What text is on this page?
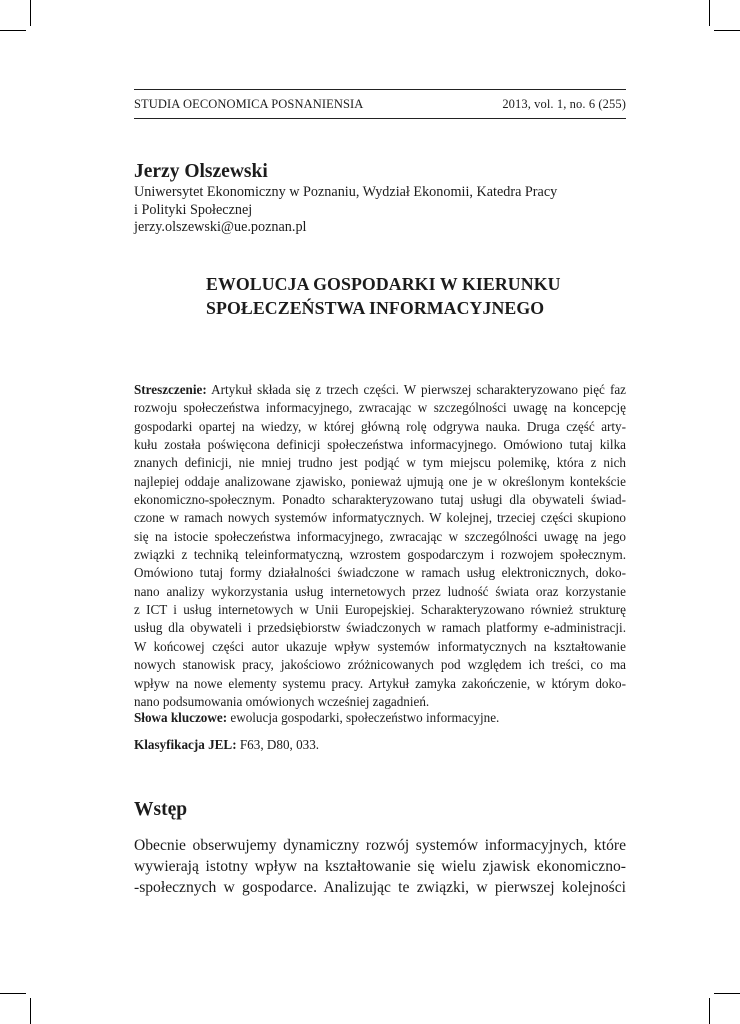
STUDIA OECONOMICA POSNANIENSIA	2013, vol. 1, no. 6 (255)
Jerzy Olszewski
Uniwersytet Ekonomiczny w Poznaniu, Wydział Ekonomii, Katedra Pracy
i Polityki Społecznej
jerzy.olszewski@ue.poznan.pl
EWOLUCJA GOSPODARKI W KIERUNKU
SPOŁECZEŃSTWA INFORMACYJNEGO
Streszczenie: Artykuł składa się z trzech części. W pierwszej scharakteryzowano pięć faz
rozwoju społeczeństwa informacyjnego, zwracając w szczególności uwagę na koncepcję
gospodarki opartej na wiedzy, w której główną rolę odgrywa nauka. Druga część arty-
kułu została poświęcona definicji społeczeństwa informacyjnego. Omówiono tutaj kilka
znanych definicji, nie mniej trudno jest podjąć w tym miejscu polemikę, która z nich
najlepiej oddaje analizowane zjawisko, ponieważ ujmują one je w określonym kontekście
ekonomiczno-społecznym. Ponadto scharakteryzowano tutaj usługi dla obywateli świad-
czone w ramach nowych systemów informatycznych. W kolejnej, trzeciej części skupiono
się na istocie społeczeństwa informacyjnego, zwracając w szczególności uwagę na jego
związki z techniką teleinformatyczną, wzrostem gospodarczym i rozwojem społecznym.
Omówiono tutaj formy działalności świadczone w ramach usług elektronicznych, doko-
nano analizy wykorzystania usług internetowych przez ludność świata oraz korzystanie
z ICT i usług internetowych w Unii Europejskiej. Scharakteryzowano również strukturę
usług dla obywateli i przedsiębiorstw świadczonych w ramach platformy e-administracji.
W końcowej części autor ukazuje wpływ systemów informatycznych na kształtowanie
nowych stanowisk pracy, jakościowo zróżnicowanych pod względem ich treści, co ma
wpływ na nowe elementy systemu pracy. Artykuł zamyka zakończenie, w którym doko-
nano podsumowania omówionych wcześniej zagadnień.
Słowa kluczowe: ewolucja gospodarki, społeczeństwo informacyjne.
Klasyfikacja JEL: F63, D80, 033.
Wstęp
Obecnie obserwujemy dynamiczny rozwój systemów informacyjnych, które
wywierają istotny wpływ na kształtowanie się wielu zjawisk ekonomiczno-
-społecznych w gospodarce. Analizując te związki, w pierwszej kolejności
